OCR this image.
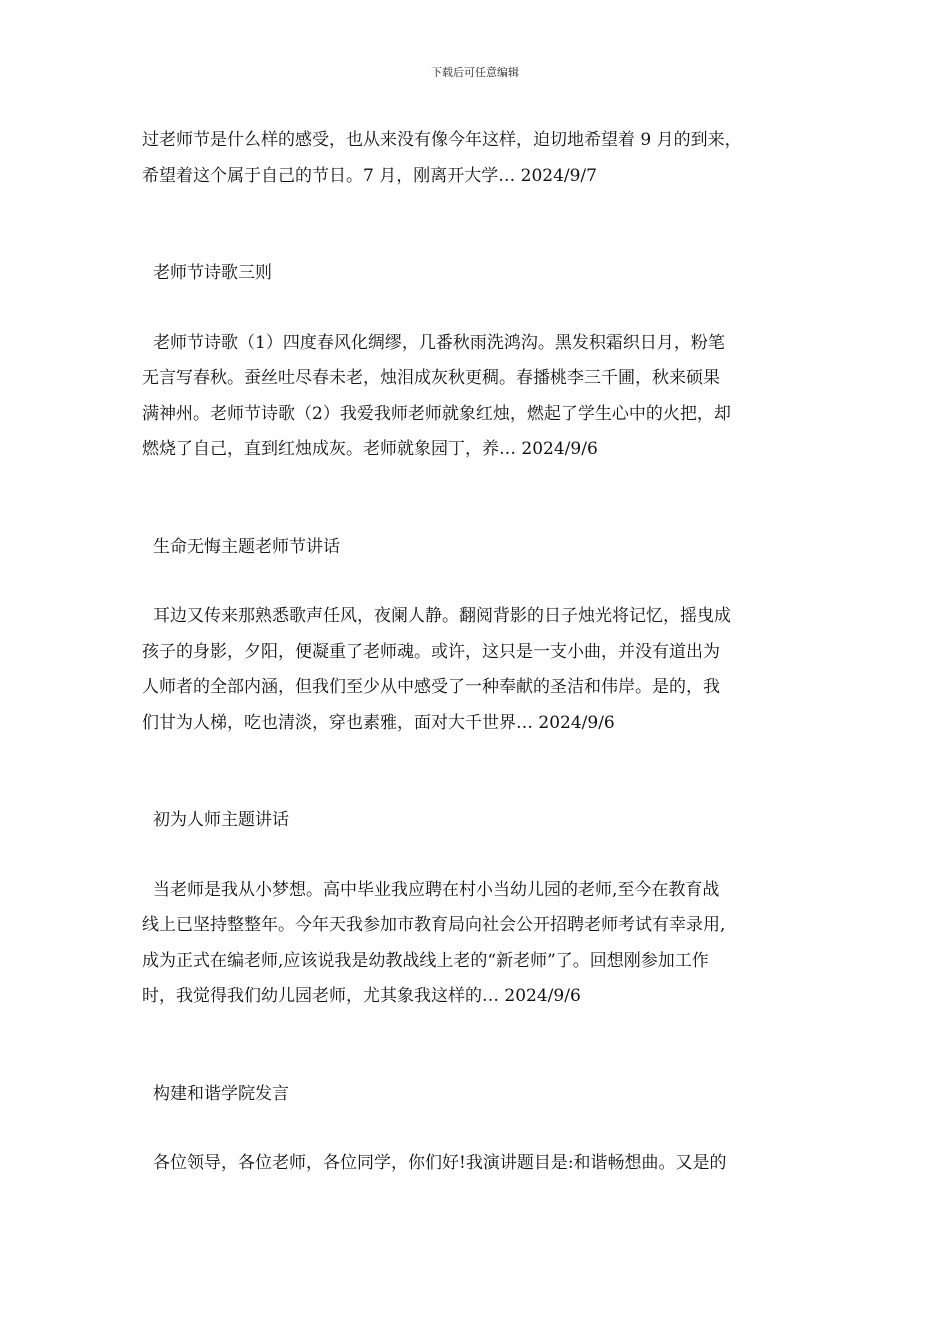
下载后可任意编辑
过老师节是什么样的感受，也从来没有像今年这样，迫切地希望着 9 月的到来，
希望着这个属于自己的节日。7 月，刚离开大学… 2024/9/7
老师节诗歌三则
老师节诗歌（1）四度春风化绸缪，几番秋雨洗鸿沟。黑发积霜织日月，粉笔
无言写春秋。蚕丝吐尽春未老，烛泪成灰秋更稠。春播桃李三千圃，秋来硕果
满神州。老师节诗歌（2）我爱我师老师就象红烛，燃起了学生心中的火把，却
燃烧了自己，直到红烛成灰。老师就象园丁，养… 2024/9/6
生命无悔主题老师节讲话
耳边又传来那熟悉歌声任风，夜阑人静。翻阅背影的日子烛光将记忆，摇曳成
孩子的身影，夕阳，便凝重了老师魂。或许，这只是一支小曲，并没有道出为
人师者的全部内涵，但我们至少从中感受了一种奉献的圣洁和伟岸。是的，我
们甘为人梯，吃也清淡，穿也素雅，面对大千世界… 2024/9/6
初为人师主题讲话
当老师是我从小梦想。高中毕业我应聘在村小当幼儿园的老师,至今在教育战
线上已坚持整整年。今年天我参加市教育局向社会公开招聘老师考试有幸录用,
成为正式在编老师,应该说我是幼教战线上老的“新老师”了。回想刚参加工作
时，我觉得我们幼儿园老师，尤其象我这样的… 2024/9/6
构建和谐学院发言
各位领导，各位老师，各位同学，你们好!我演讲题目是:和谐畅想曲。又是的
